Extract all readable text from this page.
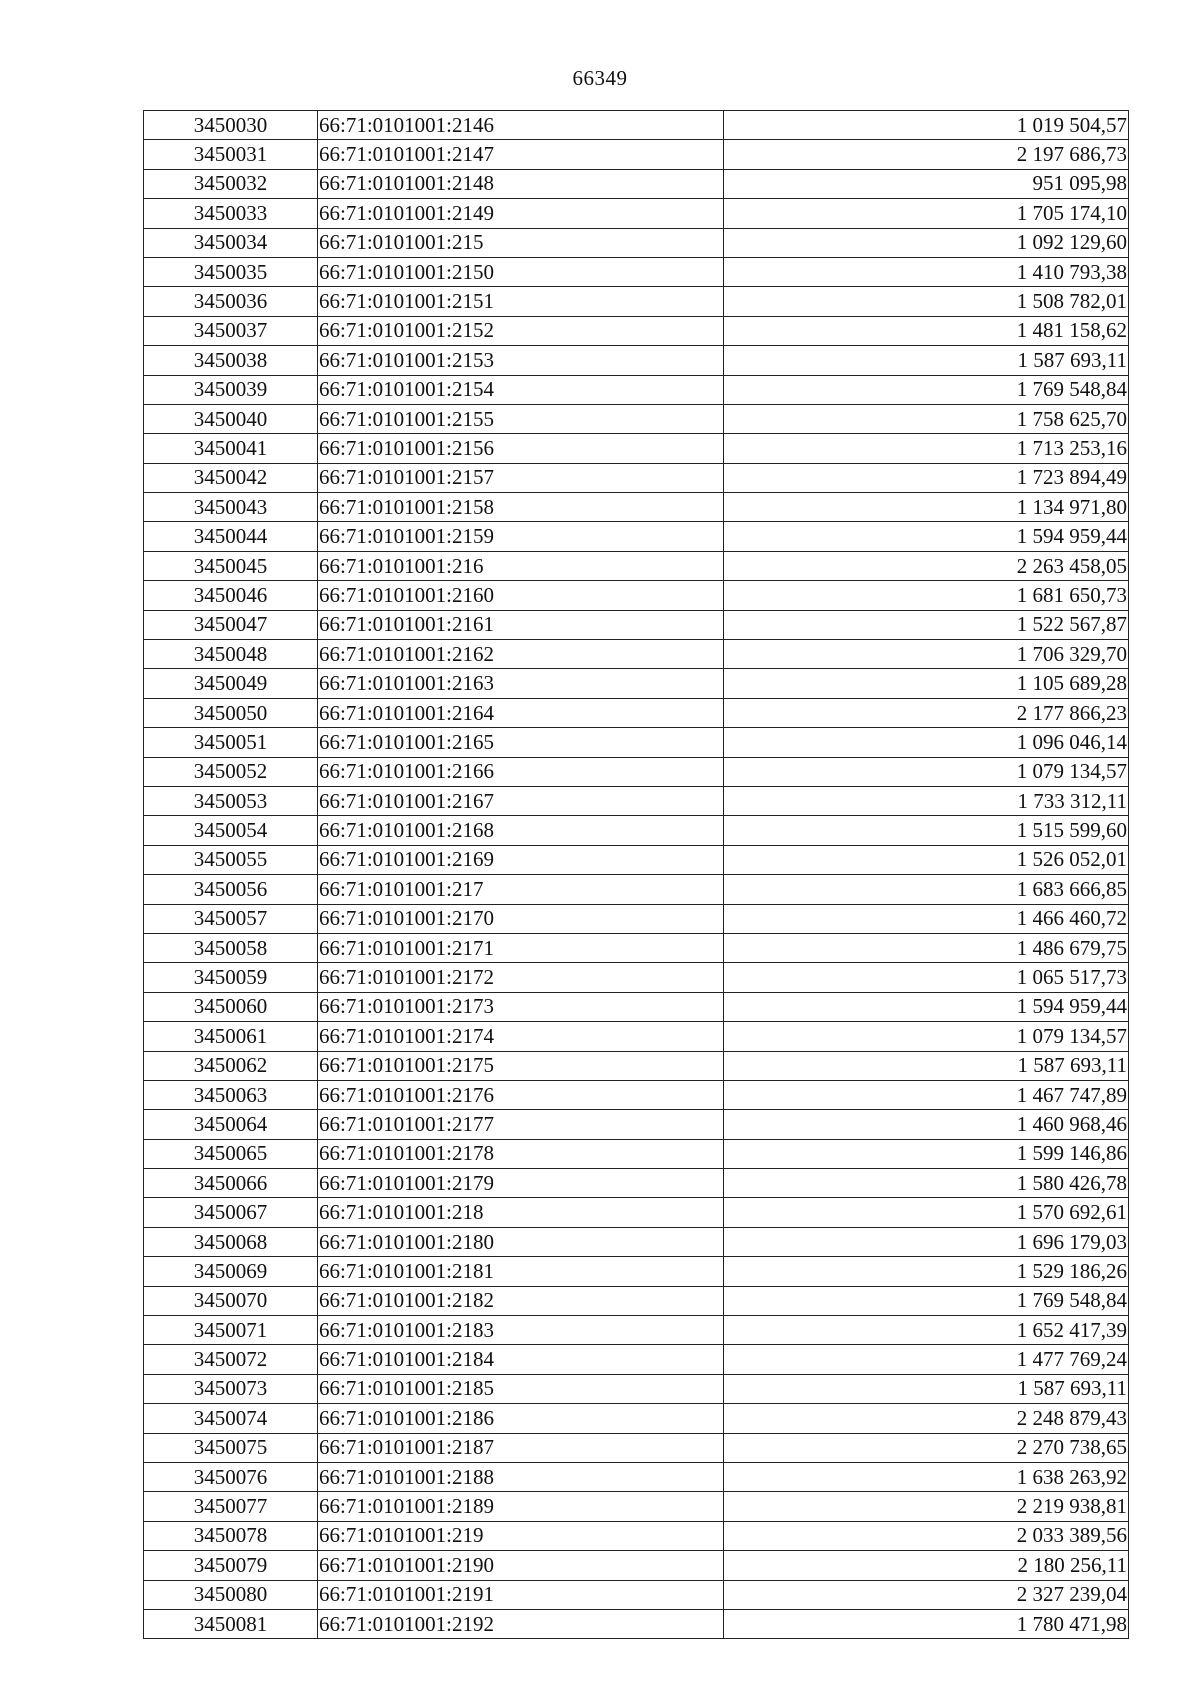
66349
3450030	66:71:0101001:2146	1 019 504,57
3450031	66:71:0101001:2147	2 197 686,73
3450032	66:71:0101001:2148	951 095,98
3450033	66:71:0101001:2149	1 705 174,10
3450034	66:71:0101001:215	1 092 129,60
3450035	66:71:0101001:2150	1 410 793,38
3450036	66:71:0101001:2151	1 508 782,01
3450037	66:71:0101001:2152	1 481 158,62
3450038	66:71:0101001:2153	1 587 693,11
3450039	66:71:0101001:2154	1 769 548,84
3450040	66:71:0101001:2155	1 758 625,70
3450041	66:71:0101001:2156	1 713 253,16
3450042	66:71:0101001:2157	1 723 894,49
3450043	66:71:0101001:2158	1 134 971,80
3450044	66:71:0101001:2159	1 594 959,44
3450045	66:71:0101001:216	2 263 458,05
3450046	66:71:0101001:2160	1 681 650,73
3450047	66:71:0101001:2161	1 522 567,87
3450048	66:71:0101001:2162	1 706 329,70
3450049	66:71:0101001:2163	1 105 689,28
3450050	66:71:0101001:2164	2 177 866,23
3450051	66:71:0101001:2165	1 096 046,14
3450052	66:71:0101001:2166	1 079 134,57
3450053	66:71:0101001:2167	1 733 312,11
3450054	66:71:0101001:2168	1 515 599,60
3450055	66:71:0101001:2169	1 526 052,01
3450056	66:71:0101001:217	1 683 666,85
3450057	66:71:0101001:2170	1 466 460,72
3450058	66:71:0101001:2171	1 486 679,75
3450059	66:71:0101001:2172	1 065 517,73
3450060	66:71:0101001:2173	1 594 959,44
3450061	66:71:0101001:2174	1 079 134,57
3450062	66:71:0101001:2175	1 587 693,11
3450063	66:71:0101001:2176	1 467 747,89
3450064	66:71:0101001:2177	1 460 968,46
3450065	66:71:0101001:2178	1 599 146,86
3450066	66:71:0101001:2179	1 580 426,78
3450067	66:71:0101001:218	1 570 692,61
3450068	66:71:0101001:2180	1 696 179,03
3450069	66:71:0101001:2181	1 529 186,26
3450070	66:71:0101001:2182	1 769 548,84
3450071	66:71:0101001:2183	1 652 417,39
3450072	66:71:0101001:2184	1 477 769,24
3450073	66:71:0101001:2185	1 587 693,11
3450074	66:71:0101001:2186	2 248 879,43
3450075	66:71:0101001:2187	2 270 738,65
3450076	66:71:0101001:2188	1 638 263,92
3450077	66:71:0101001:2189	2 219 938,81
3450078	66:71:0101001:219	2 033 389,56
3450079	66:71:0101001:2190	2 180 256,11
3450080	66:71:0101001:2191	2 327 239,04
3450081	66:71:0101001:2192	1 780 471,98
